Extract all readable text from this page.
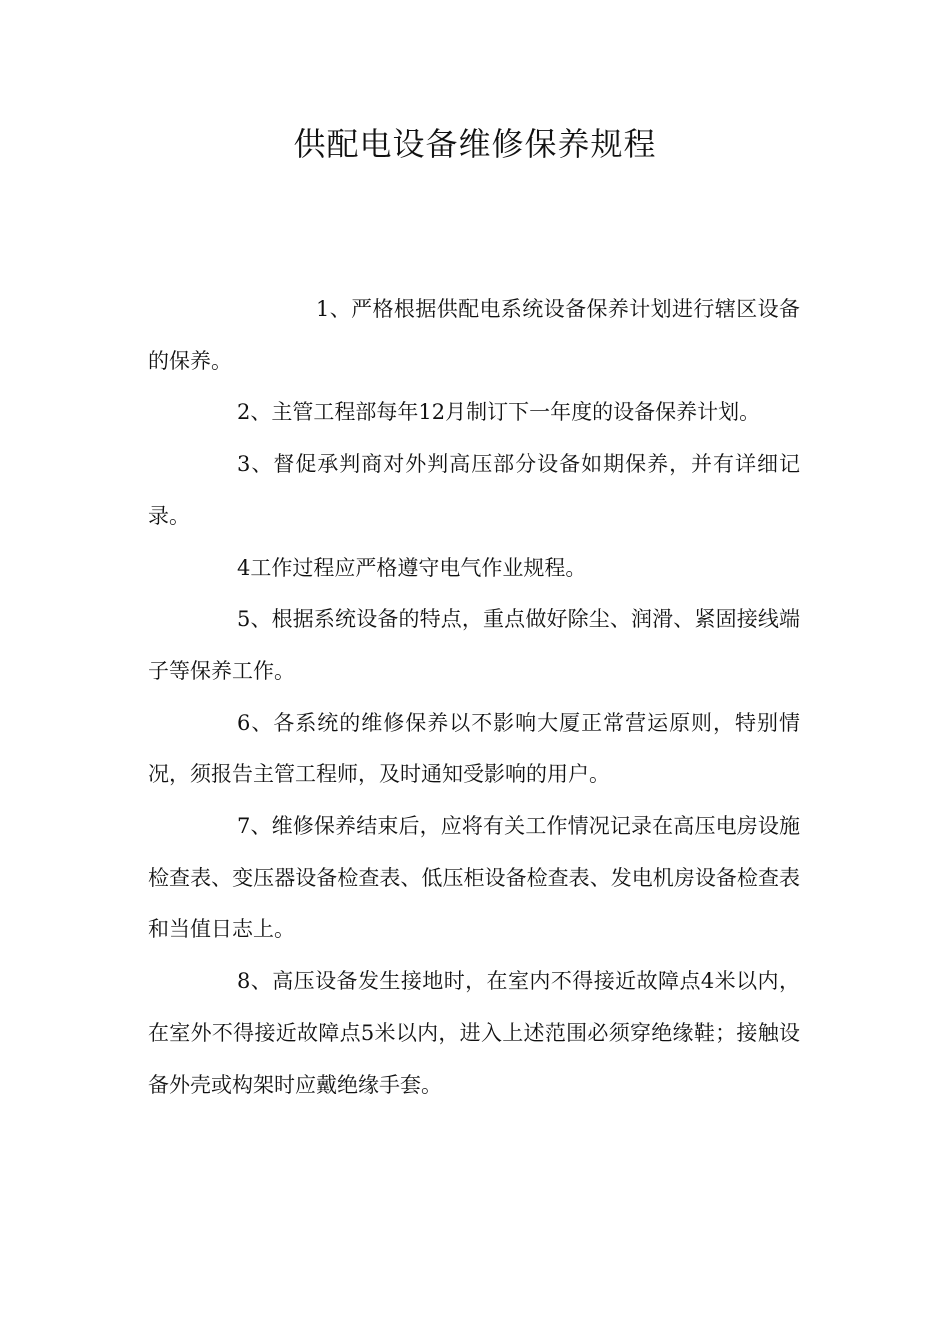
供配电设备维修保养规程

1、严格根据供配电系统设备保养计划进行辖区设备的保养。

2、主管工程部每年12月制订下一年度的设备保养计划。

3、督促承判商对外判高压部分设备如期保养，并有详细记录。

4工作过程应严格遵守电气作业规程。

5、根据系统设备的特点，重点做好除尘、润滑、紧固接线端子等保养工作。

6、各系统的维修保养以不影响大厦正常营运原则，特别情况，须报告主管工程师，及时通知受影响的用户。

7、维修保养结束后，应将有关工作情况记录在高压电房设施检查表、变压器设备检查表、低压柜设备检查表、发电机房设备检查表和当值日志上。

8、高压设备发生接地时，在室内不得接近故障点4米以内，在室外不得接近故障点5米以内，进入上述范围必须穿绝缘鞋；接触设备外壳或构架时应戴绝缘手套。
